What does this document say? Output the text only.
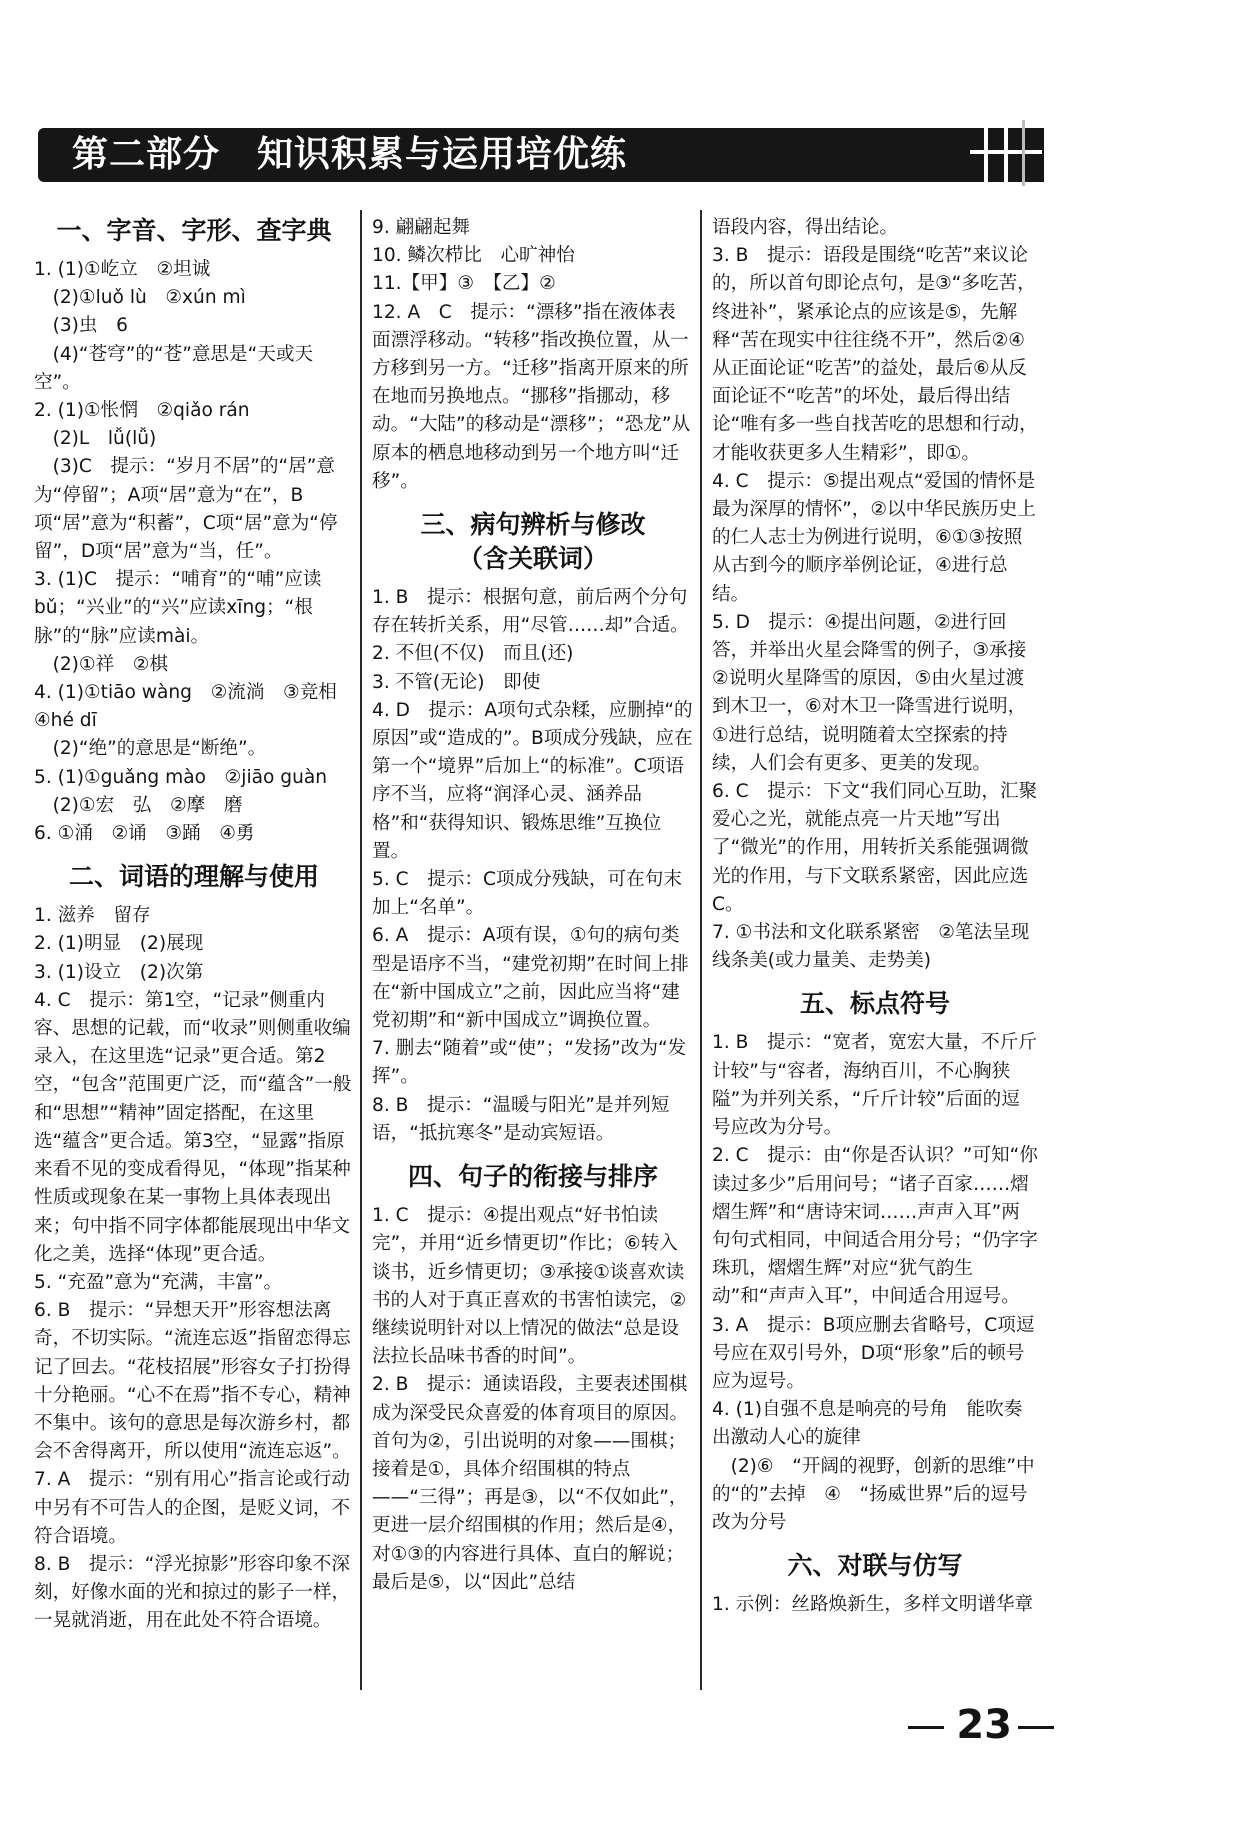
第二部分　知识积累与运用培优练
一、字音、字形、查字典
1. (1)①屹立　②坦诚
　(2)①luǒ lù　②xún mì
　(3)虫　6
　(4)“苍穹”的“苍”意思是“天或天空”。
2. (1)①怅惘　②qiǎo rán
　(2)L　lǚ(lǚ)
　(3)C　提示：“岁月不居”的“居”意为“停留”；A项“居”意为“在”，B项“居”意为“积蓄”，C项“居”意为“停留”，D项“居”意为“当，任”。
3. (1)C　提示：“哺育”的“哺”应读bǔ；“兴业”的“兴”应读xīng；“根脉”的“脉”应读mài。
　(2)①祥　②棋
4. (1)①tiāo wàng　②流淌　③竞相④hé dī
　(2)“绝”的意思是“断绝”。
5. (1)①guǎng mào　②jiāo guàn
　(2)①宏　弘　②摩　磨
6. ①涌　②诵　③踊　④勇
二、词语的理解与使用
1. 滋养　留存
2. (1)明显　(2)展现
3. (1)设立　(2)次第
4. C　提示：第1空，“记录”侧重内容、思想的记载，而“收录”则侧重收编录入，在这里选“记录”更合适。第2空，“包含”范围更广泛，而“蕴含”一般和“思想”“精神”固定搭配，在这里选“蕴含”更合适。第3空，“显露”指原来看不见的变成看得见，“体现”指某种性质或现象在某一事物上具体表现出来；句中指不同字体都能展现出中华文化之美，选择“体现”更合适。
5. “充盈”意为“充满，丰富”。
6. B　提示：“异想天开”形容想法离奇，不切实际。“流连忘返”指留恋得忘记了回去。“花枝招展”形容女子打扮得十分艳丽。“心不在焉”指不专心，精神不集中。该句的意思是每次游乡村，都会不舍得离开，所以使用“流连忘返”。
7. A　提示：“别有用心”指言论或行动中另有不可告人的企图，是贬义词，不符合语境。
8. B　提示：“浮光掠影”形容印象不深刻，好像水面的光和掠过的影子一样，一晃就消逝，用在此处不符合语境。
9. 翩翩起舞
10. 鳞次栉比　心旷神怡
11.【甲】③　【乙】②
12. A　C　提示：“漂移”指在液体表面漂浮移动。“转移”指改换位置，从一方移到另一方。“迁移”指离开原来的所在地而另换地点。“挪移”指挪动，移动。“大陆”的移动是“漂移”；“恐龙”从原本的栖息地移动到另一个地方叫“迁移”。
三、病句辨析与修改
（含关联词）
1. B　提示：根据句意，前后两个分句存在转折关系，用“尽管……却”合适。
2. 不但(不仅)　而且(还)
3. 不管(无论)　即使
4. D　提示：A项句式杂糅，应删掉“的原因”或“造成的”。B项成分残缺，应在第一个“境界”后加上“的标准”。C项语序不当，应将“润泽心灵、涵养品格”和“获得知识、锻炼思维”互换位置。
5. C　提示：C项成分残缺，可在句末加上“名单”。
6. A　提示：A项有误，①句的病句类型是语序不当，“建党初期”在时间上排在“新中国成立”之前，因此应当将“建党初期”和“新中国成立”调换位置。
7. 删去“随着”或“使”；“发扬”改为“发挥”。
8. B　提示：“温暖与阳光”是并列短语，“抵抗寒冬”是动宾短语。
四、句子的衔接与排序
1. C　提示：④提出观点“好书怕读完”，并用“近乡情更切”作比；⑥转入谈书，近乡情更切；③承接①谈喜欢读书的人对于真正喜欢的书害怕读完，②继续说明针对以上情况的做法“总是设法拉长品味书香的时间”。
2. B　提示：通读语段，主要表述围棋成为深受民众喜爱的体育项目的原因。首句为②，引出说明的对象——围棋；接着是①，具体介绍围棋的特点——“三得”；再是③，以“不仅如此”，更进一层介绍围棋的作用；然后是④，对①③的内容进行具体、直白的解说；最后是⑤，以“因此”总结
语段内容，得出结论。
3. B　提示：语段是围绕“吃苦”来议论的，所以首句即论点句，是③“多吃苦，终进补”，紧承论点的应该是⑤，先解释“苦在现实中往往绕不开”，然后②④从正面论证“吃苦”的益处，最后⑥从反面论证不“吃苦”的坏处，最后得出结论“唯有多一些自找苦吃的思想和行动，才能收获更多人生精彩”，即①。
4. C　提示：⑤提出观点“爱国的情怀是最为深厚的情怀”，②以中华民族历史上的仁人志士为例进行说明，⑥①③按照从古到今的顺序举例论证，④进行总结。
5. D　提示：④提出问题，②进行回答，并举出火星会降雪的例子，③承接②说明火星降雪的原因，⑤由火星过渡到木卫一，⑥对木卫一降雪进行说明，①进行总结，说明随着太空探索的持续，人们会有更多、更美的发现。
6. C　提示：下文“我们同心互助，汇聚爱心之光，就能点亮一片天地”写出了“微光”的作用，用转折关系能强调微光的作用，与下文联系紧密，因此应选C。
7. ①书法和文化联系紧密　②笔法呈现线条美(或力量美、走势美)
五、标点符号
1. B　提示：“宽者，宽宏大量，不斤斤计较”与“容者，海纳百川，不心胸狭隘”为并列关系，“斤斤计较”后面的逗号应改为分号。
2. C　提示：由“你是否认识？”可知“你读过多少”后用问号；“诸子百家……熠熠生辉”和“唐诗宋词……声声入耳”两句句式相同，中间适合用分号；“仍字字珠玑，熠熠生辉”对应“犹气韵生动”和“声声入耳”，中间适合用逗号。
3. A　提示：B项应删去省略号，C项逗号应在双引号外，D项“形象”后的顿号应为逗号。
4. (1)自强不息是响亮的号角　能吹奏出激动人心的旋律
　(2)⑥　“开阔的视野，创新的思维”中的“的”去掉　④　“扬威世界”后的逗号改为分号
六、对联与仿写
1. 示例：丝路焕新生，多样文明谱华章
23
